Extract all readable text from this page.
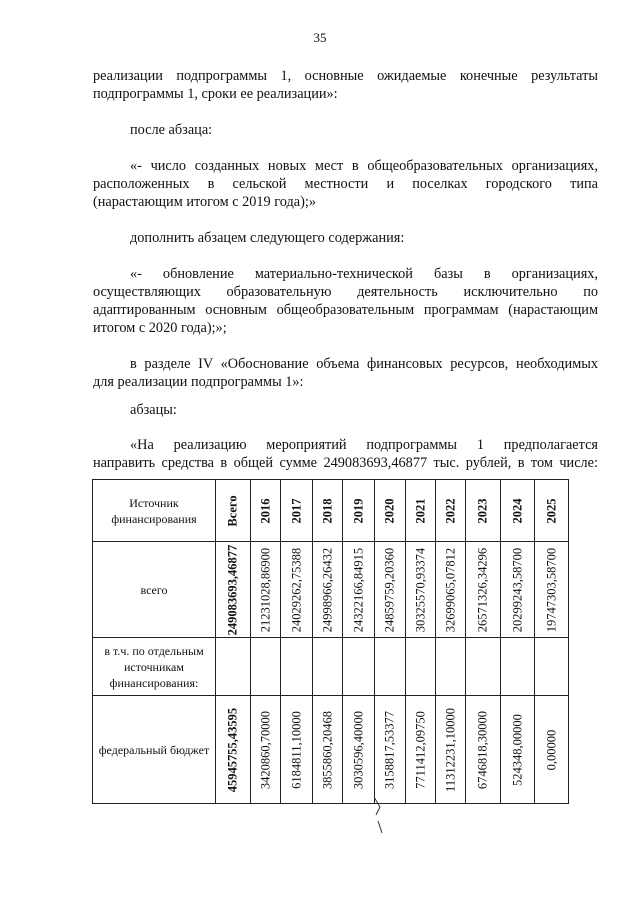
35
реализации подпрограммы 1, основные ожидаемые конечные результаты
подпрограммы 1, сроки ее реализации»:
после абзаца:
«- число созданных новых мест в общеобразовательных организациях,
расположенных в сельской местности и поселках городского типа
(нарастающим итогом с 2019 года);»
дополнить абзацем следующего содержания:
«- обновление материально-технической базы в организациях,
осуществляющих образовательную деятельность исключительно по
адаптированным основным общеобразовательным программам (нарастающим
итогом с 2020 года);»;
в разделе IV «Обоснование объема финансовых ресурсов, необходимых
для реализации подпрограммы 1»:
абзацы:
«На реализацию мероприятий подпрограммы 1 предполагается
направить средства в общей сумме 249083693,46877 тыс. рублей, в том числе:
Источник финансирования	Всего	2016	2017	2018	2019	2020	2021	2022	2023	2024	2025

всего	249083693,46877	21231028,86900	24029262,75388	24998966,26432	24322166,84915	24859759,20360	30325570,93374	32699065,07812	26571326,34296	20299243,58700	19747303,58700

в т.ч. по отдельным источникам финансирования:											
федеральный бюджет	45945755,43595	3420860,70000	6184811,10000	3855860,20468	3030596,40000	3158817,53377	7711412,09750	11312231,10000	6746818,30000	524348,00000	0,00000
